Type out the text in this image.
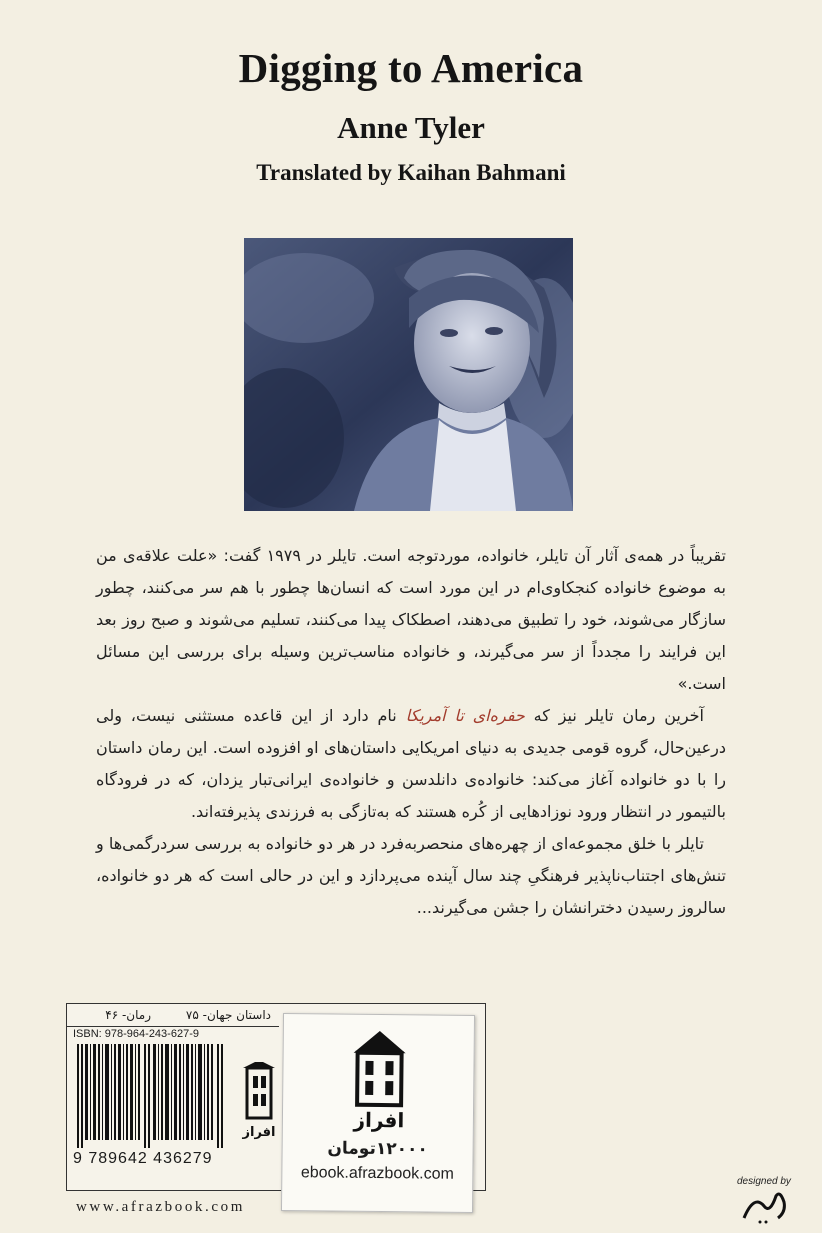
Digging to America
Anne Tyler
Translated by Kaihan Bahmani

تقریباً در همه‌ی آثار آن تایلر، خانواده، موردتوجه است. تایلر در ۱۹۷۹ گفت: «علت علاقه‌ی من به موضوع خانواده کنجکاوی‌ام در این مورد است که انسان‌ها چطور با هم سر می‌کنند، چطور سازگار می‌شوند، خود را تطبیق می‌دهند، اصطکاک پیدا می‌کنند، تسلیم می‌شوند و صبح روز بعد این فرایند را مجدداً از سر می‌گیرند، و خانواده مناسب‌ترین وسیله برای بررسی این مسائل است.»

آخرین رمان تایلر نیز که حفره‌ای تا آمریکا نام دارد از این قاعده مستثنی نیست، ولی درعین‌حال، گروه قومی جدیدی به دنیای امریکایی داستان‌های او افزوده است. این رمان داستان را با دو خانواده آغاز می‌کند: خانواده‌ی دانلدسن و خانواده‌ی ایرانی‌تبار یزدان، که در فرودگاه بالتیمور در انتظار ورود نوزادهایی از کُره هستند که به‌تازگی به فرزندی پذیرفته‌اند.

تایلر با خلق مجموعه‌ای از چهره‌های منحصربه‌فرد در هر دو خانواده به بررسی سردرگمی‌ها و تنش‌های اجتناب‌ناپذیر فرهنگیِ چند سال آینده می‌پردازد و این در حالی است که هر دو خانواده، سالروز رسیدن دخترانشان را جشن می‌گیرند...

داستان جهان- ۷۵
رمان- ۴۶
ISBN: 978-964-243-627-9
9 789642 436279
افراز
افراز
۱۲۰۰۰تومان
ebook.afrazbook.com
www.afrazbook.com
designed by
